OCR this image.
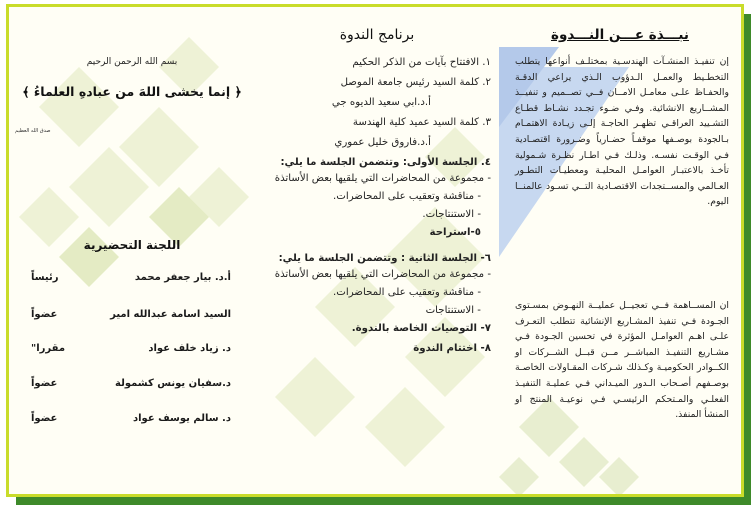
بسم الله الرحمن الرحيم
﴿ إنما يخشى اللهَ من عبادهِ العلماءُ ﴾
صدق الله العظيم
اللجنة التحضيرية
أ.د. بيار جعفر محمد
رئيساً
السيد اسامة عبدالله امير
عضواً
د. زياد خلف عواد
مقررا"
د.سفيان يونس كشمولة
عضواً
د. سالم يوسف عواد
عضواً
برنامج الندوة
١. الافتتاح بآيات من الذكر الحكيم
٢. كلمة السيد رئيس جامعة الموصل
أ.د.ابي سعيد الديوه جي
٣. كلمة السيد عميد كلية الهندسة
أ.د.فاروق خليل عموري
٤. الجلسة الأولى: وتتضمن الجلسة ما يلي:
- مجموعة من المحاضرات التي يلقيها بعض الأساتذة
- مناقشة وتعقيب على المحاضرات.
- الاستنتاجات.
٥-استراحة
٦- الجلسة الثانية : وتتضمن الجلسة ما يلي:
- مجموعة من المحاضرات التي يلقيها بعض الأساتذة
- مناقشة وتعقيب على المحاضرات.
- الاستنتاجات
٧- التوصيات الخاصة بالندوة.
٨- اختتام الندوة
نبـــذة عـــن النـــدوة

إن تنفيـذ المنشـآت الهندسـية بمختلـف أنواعها يتطلب التخطـيط والعمـل الـدؤوب الـذي يراعي الدقـة والحفـاظ علـى معامـل الامــان فــي تصــميم و تنفيــذ المشــاريع الانشائية. وفـي ضـوء تجـدد نشـاط قطـاع التشـييد العراقـي تظهـر الحاجـة إلـى زيـادة الاهتمـام بـالجودة بوصـفها موقفـاً حضـارياً وضـرورة اقتصـادية فـي الوقـت نفسـه. وذلـك فـي اطـار نظـرة شـمولية تأخـذ بالاعتبـار العوامـل المحليـة ومعطيـات التطـور العـالمي والمســتجدات الاقتصـادية التــي تسـود عالمنــا اليوم.

ان المســاهمة فــي تعجيــل عمليــة النهـوض بمسـتوى الجـودة فـي تنفيذ المشـاريع الإنشائية تتطلب التعـرف علـى اهـم العوامـل المؤثرة في تحسين الجـودة فـي مشـاريع التنفيـذ المباشــر مــن قبــل الشــركات او الكــوادر الحكوميـة وكـذلك شـركات المقـاولات الخاصـة بوصـفهم أصـحاب الـدور الميـداني فـي عمليـة التنفيـذ الفعلـي والمـتحكم الرئيسـي فـي نوعيـة المنتج او المنشأ المنفذ.
